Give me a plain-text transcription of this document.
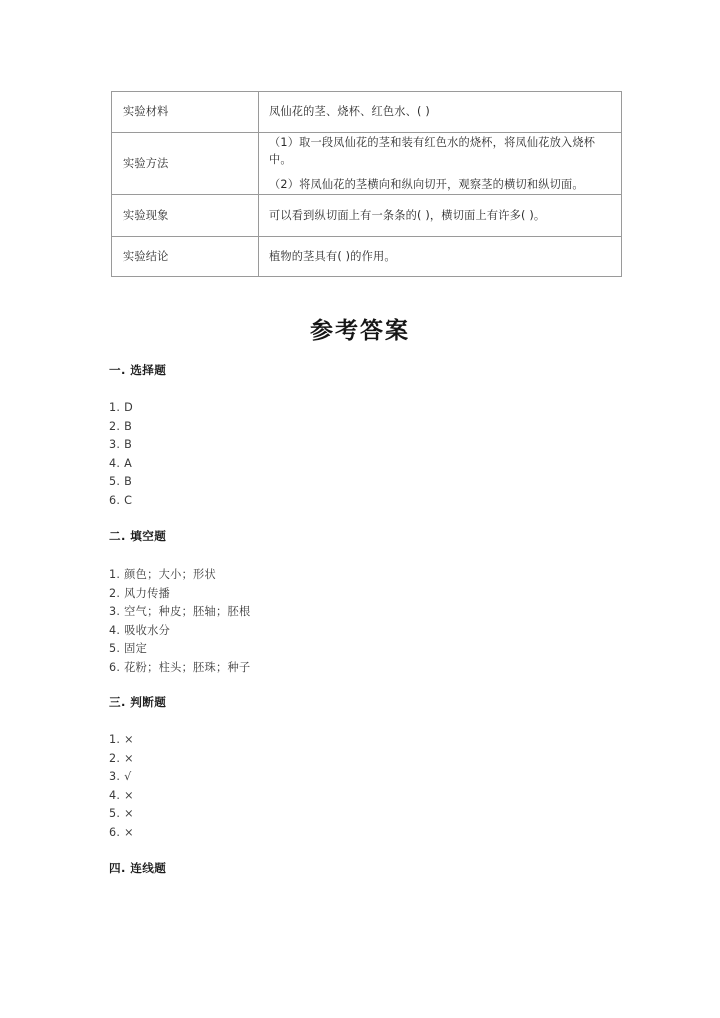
实验材料	凤仙花的茎、烧杯、红色水、( )

实验方法	（1）取一段凤仙花的茎和装有红色水的烧杯，将凤仙花放入烧杯中。
（2）将凤仙花的茎横向和纵向切开，观察茎的横切和纵切面。

实验现象	可以看到纵切面上有一条条的( )，横切面上有许多( )。

实验结论	植物的茎具有( )的作用。
参考答案
一. 选择题
1. D
2. B
3. B
4. A
5. B
6. C
二. 填空题
1. 颜色；大小；形状
2. 风力传播
3. 空气；种皮；胚轴；胚根
4. 吸收水分
5. 固定
6. 花粉；柱头；胚珠；种子
三. 判断题
1. ×
2. ×
3. √
4. ×
5. ×
6. ×
四. 连线题
